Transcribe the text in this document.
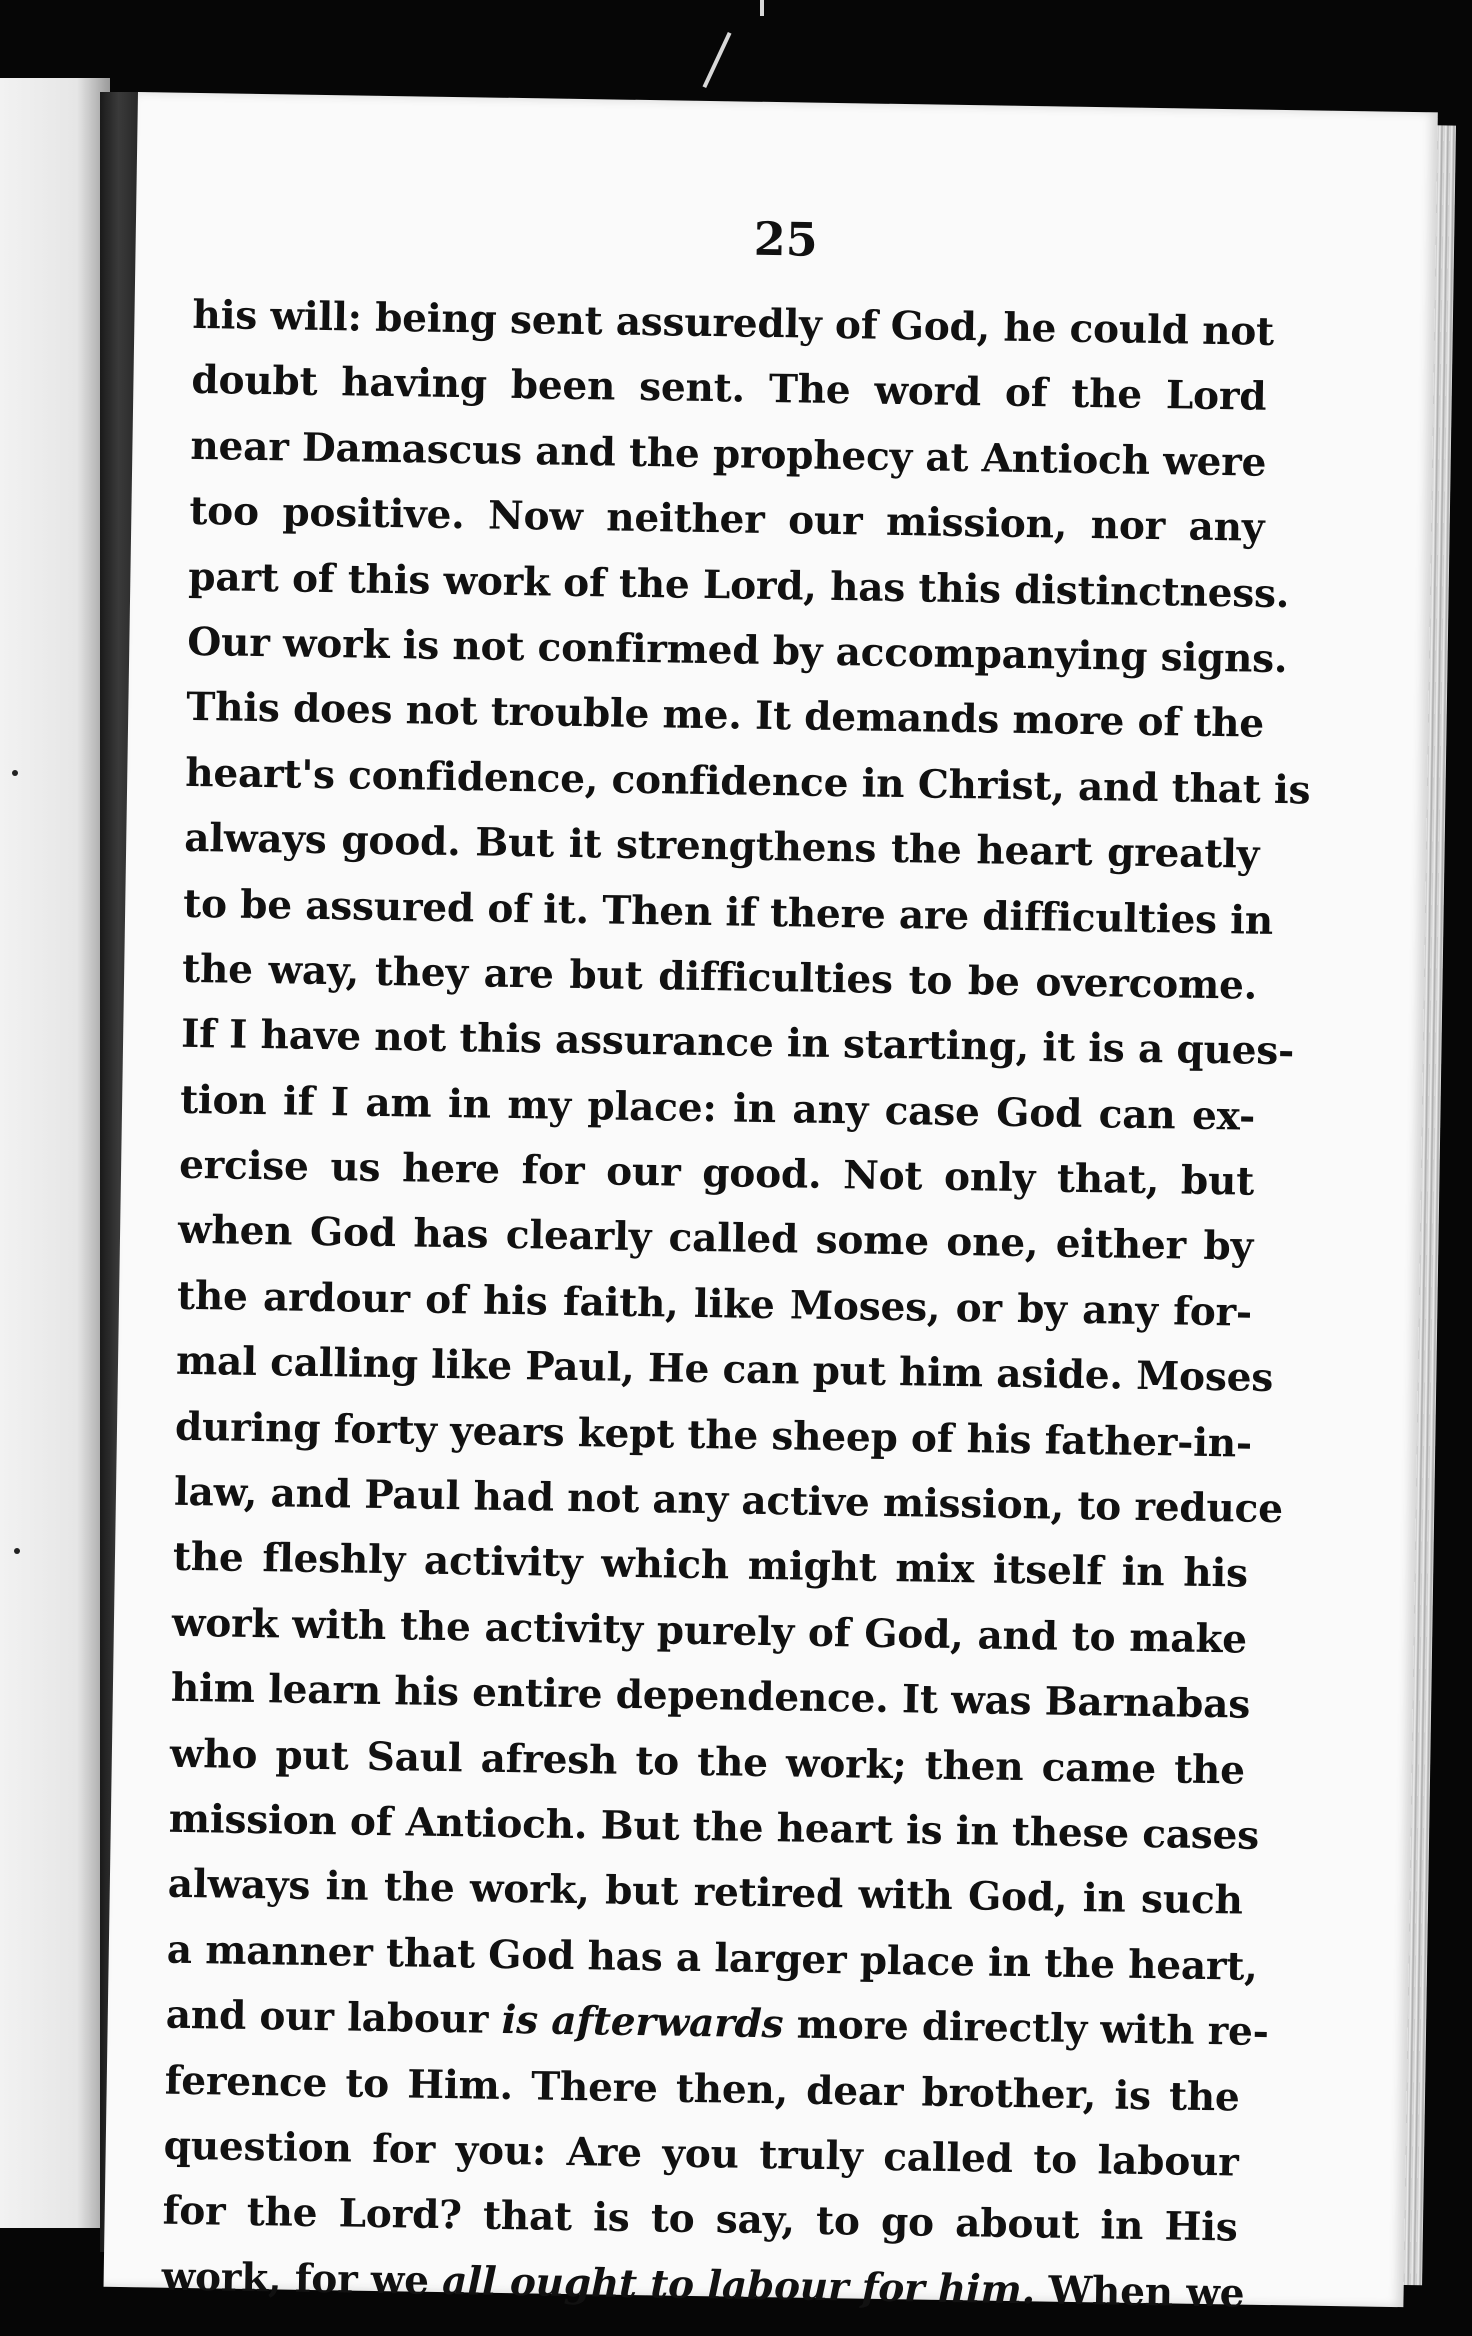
25
his will: being sent assuredly of God, he could not
doubt having been sent. The word of the Lord
near Damascus and the prophecy at Antioch were
too positive. Now neither our mission, nor any
part of this work of the Lord, has this distinctness.
Our work is not confirmed by accompanying signs.
This does not trouble me. It demands more of the
heart's confidence, confidence in Christ, and that is
always good. But it strengthens the heart greatly
to be assured of it. Then if there are difficulties in
the way, they are but difficulties to be overcome.
If I have not this assurance in starting, it is a ques-
tion if I am in my place: in any case God can ex-
ercise us here for our good. Not only that, but
when God has clearly called some one, either by
the ardour of his faith, like Moses, or by any for-
mal calling like Paul, He can put him aside. Moses
during forty years kept the sheep of his father-in-
law, and Paul had not any active mission, to reduce
the fleshly activity which might mix itself in his
work with the activity purely of God, and to make
him learn his entire dependence. It was Barnabas
who put Saul afresh to the work; then came the
mission of Antioch. But the heart is in these cases
always in the work, but retired with God, in such
a manner that God has a larger place in the heart,
and our labour is afterwards more directly with re-
ference to Him. There then, dear brother, is the
question for you: Are you truly called to labour
for the Lord? that is to say, to go about in His
work, for we all ought to labour for him. When we
